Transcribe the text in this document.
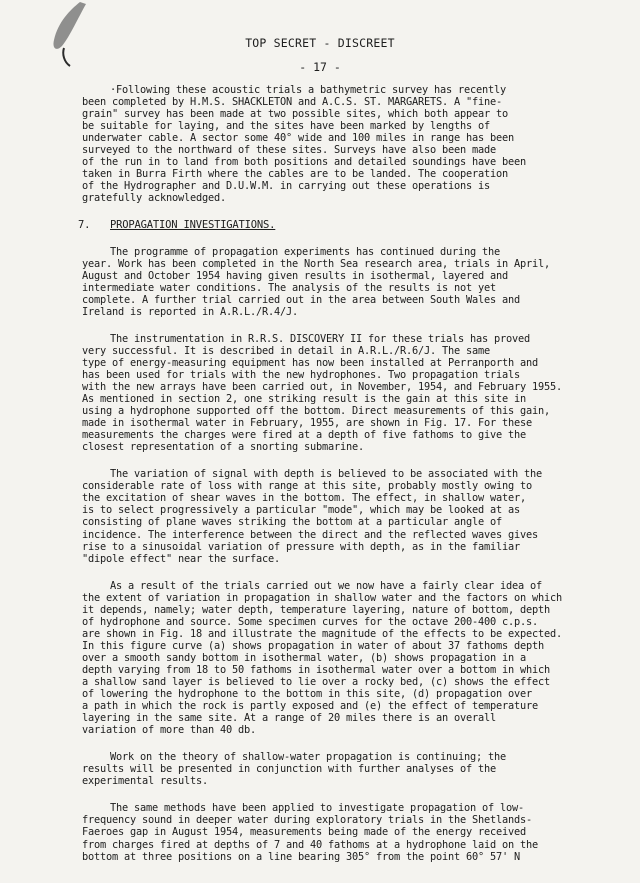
TOP SECRET - DISCREET
- 17 -
·Following these acoustic trials a bathymetric survey has recently
been completed by H.M.S. SHACKLETON and A.C.S. ST. MARGARETS. A "fine-
grain" survey has been made at two possible sites, which both appear to
be suitable for laying, and the sites have been marked by lengths of
underwater cable. A sector some 40° wide and 100 miles in range has been
surveyed to the northward of these sites. Surveys have also been made
of the run in to land from both positions and detailed soundings have been
taken in Burra Firth where the cables are to be landed. The cooperation
of the Hydrographer and D.U.W.M. in carrying out these operations is
gratefully acknowledged.
7. PROPAGATION INVESTIGATIONS.
The programme of propagation experiments has continued during the
year. Work has been completed in the North Sea research area, trials in April,
August and October 1954 having given results in isothermal, layered and
intermediate water conditions. The analysis of the results is not yet
complete. A further trial carried out in the area between South Wales and
Ireland is reported in A.R.L./R.4/J.
The instrumentation in R.R.S. DISCOVERY II for these trials has proved
very successful. It is described in detail in A.R.L./R.6/J. The same
type of energy-measuring equipment has now been installed at Perranporth and
has been used for trials with the new hydrophones. Two propagation trials
with the new arrays have been carried out, in November, 1954, and February 1955.
As mentioned in section 2, one striking result is the gain at this site in
using a hydrophone supported off the bottom. Direct measurements of this gain,
made in isothermal water in February, 1955, are shown in Fig. 17. For these
measurements the charges were fired at a depth of five fathoms to give the
closest representation of a snorting submarine.
The variation of signal with depth is believed to be associated with the
considerable rate of loss with range at this site, probably mostly owing to
the excitation of shear waves in the bottom. The effect, in shallow water,
is to select progressively a particular "mode", which may be looked at as
consisting of plane waves striking the bottom at a particular angle of
incidence. The interference between the direct and the reflected waves gives
rise to a sinusoidal variation of pressure with depth, as in the familiar
"dipole effect" near the surface.
As a result of the trials carried out we now have a fairly clear idea of
the extent of variation in propagation in shallow water and the factors on which
it depends, namely; water depth, temperature layering, nature of bottom, depth
of hydrophone and source. Some specimen curves for the octave 200-400 c.p.s.
are shown in Fig. 18 and illustrate the magnitude of the effects to be expected.
In this figure curve (a) shows propagation in water of about 37 fathoms depth
over a smooth sandy bottom in isothermal water, (b) shows propagation in a
depth varying from 18 to 50 fathoms in isothermal water over a bottom in which
a shallow sand layer is believed to lie over a rocky bed, (c) shows the effect
of lowering the hydrophone to the bottom in this site, (d) propagation over
a path in which the rock is partly exposed and (e) the effect of temperature
layering in the same site. At a range of 20 miles there is an overall
variation of more than 40 db.
Work on the theory of shallow-water propagation is continuing; the
results will be presented in conjunction with further analyses of the
experimental results.
The same methods have been applied to investigate propagation of low-
frequency sound in deeper water during exploratory trials in the Shetlands-
Faeroes gap in August 1954, measurements being made of the energy received
from charges fired at depths of 7 and 40 fathoms at a hydrophone laid on the
bottom at three positions on a line bearing 305° from the point 60° 57' N
